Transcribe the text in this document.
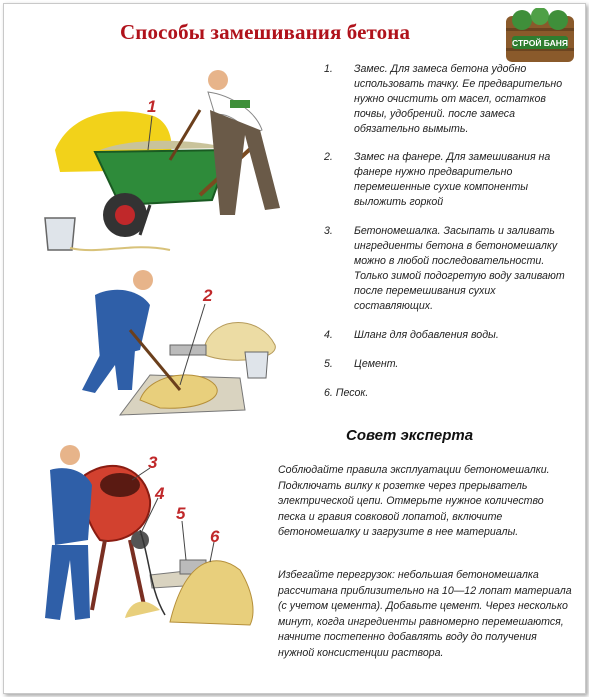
Способы замешивания бетона	СТРОЙ БАНЯ
1
2
3
4
5
6
1.	Замес. Для замеса бетона удобно использовать тачку. Ее предварительно нужно очистить от масел, остатков почвы, удобрений. после замеса обязательно вымыть.
2.	Замес на фанере. Для замешивания на фанере нужно предварительно перемешенные сухие компоненты выложить горкой
3.	Бетономешалка. Засыпать и заливать ингредиенты бетона в бетономешалку можно в любой последовательности. Только зимой подогретую воду заливают после перемешивания сухих составляющих.
4.	Шланг для добавления воды.
5.	Цемент.
6. Песок.
Совет эксперта

Соблюдайте правила эксплуатации бетономешалки. Подключать вилку к розетке через прерыватель электрической цепи. Отмерьте нужное количество песка и гравия совковой лопатой, включите бетономешалку и загрузите в нее материалы.

Избегайте перегрузок: небольшая бетономешалка рассчитана приблизительно на 10—12 лопат материала (с учетом цемента). Добавьте цемент. Через несколько минут, когда ингредиенты равномерно перемешаются, начните постепенно добавлять воду до получения нужной консистенции раствора.
